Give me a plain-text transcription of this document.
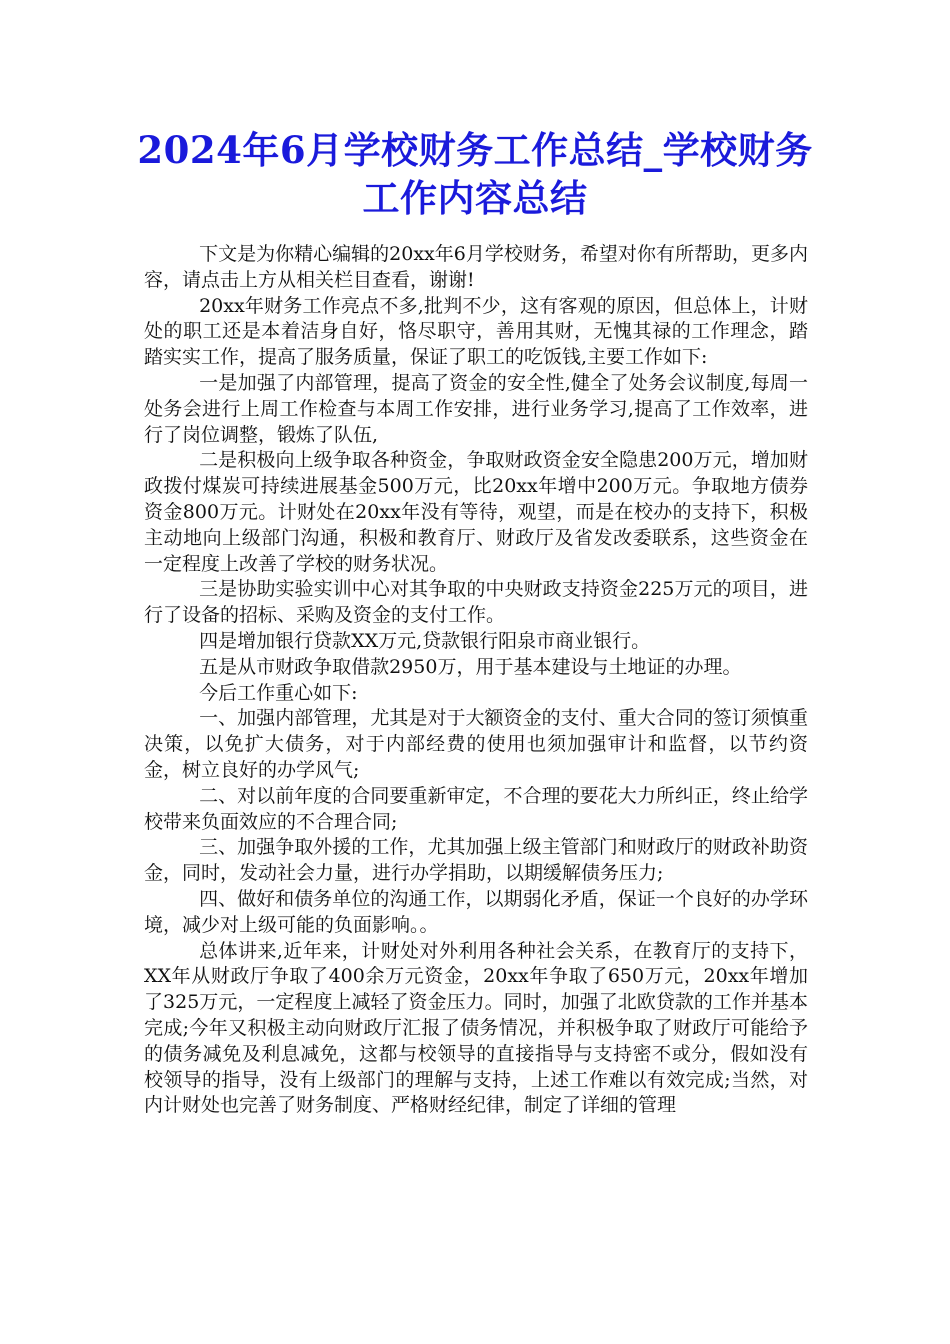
2024年6月学校财务工作总结_学校财务工作内容总结

下文是为你精心编辑的20xx年6月学校财务，希望对你有所帮助，更多内容，请点击上方从相关栏目查看，谢谢!

20xx年财务工作亮点不多,批判不少，这有客观的原因，但总体上，计财处的职工还是本着洁身自好，恪尽职守，善用其财，无愧其禄的工作理念，踏踏实实工作，提高了服务质量，保证了职工的吃饭钱,主要工作如下:

一是加强了内部管理，提高了资金的安全性,健全了处务会议制度,每周一处务会进行上周工作检查与本周工作安排，进行业务学习,提高了工作效率，进行了岗位调整，锻炼了队伍,

二是积极向上级争取各种资金，争取财政资金安全隐患200万元，增加财政拨付煤炭可持续进展基金500万元，比20xx年增中200万元。争取地方债券资金800万元。计财处在20xx年没有等待，观望，而是在校办的支持下，积极主动地向上级部门沟通，积极和教育厅、财政厅及省发改委联系，这些资金在一定程度上改善了学校的财务状况。

三是协助实验实训中心对其争取的中央财政支持资金225万元的项目，进行了设备的招标、采购及资金的支付工作。

四是增加银行贷款XX万元,贷款银行阳泉市商业银行。

五是从市财政争取借款2950万，用于基本建设与土地证的办理。

今后工作重心如下:

一、加强内部管理，尤其是对于大额资金的支付、重大合同的签订须慎重决策，以免扩大债务，对于内部经费的使用也须加强审计和监督，以节约资金，树立良好的办学风气;

二、对以前年度的合同要重新审定，不合理的要花大力所纠正，终止给学校带来负面效应的不合理合同;

三、加强争取外援的工作，尤其加强上级主管部门和财政厅的财政补助资金，同时，发动社会力量，进行办学捐助，以期缓解债务压力;

四、做好和债务单位的沟通工作，以期弱化矛盾，保证一个良好的办学环境，减少对上级可能的负面影响。。

总体讲来,近年来，计财处对外利用各种社会关系，在教育厅的支持下，XX年从财政厅争取了400余万元资金，20xx年争取了650万元，20xx年增加了325万元，一定程度上减轻了资金压力。同时，加强了北欧贷款的工作并基本完成;今年又积极主动向财政厅汇报了债务情况，并积极争取了财政厅可能给予的债务减免及利息减免，这都与校领导的直接指导与支持密不或分，假如没有校领导的指导，没有上级部门的理解与支持，上述工作难以有效完成;当然，对内计财处也完善了财务制度、严格财经纪律，制定了详细的管理
